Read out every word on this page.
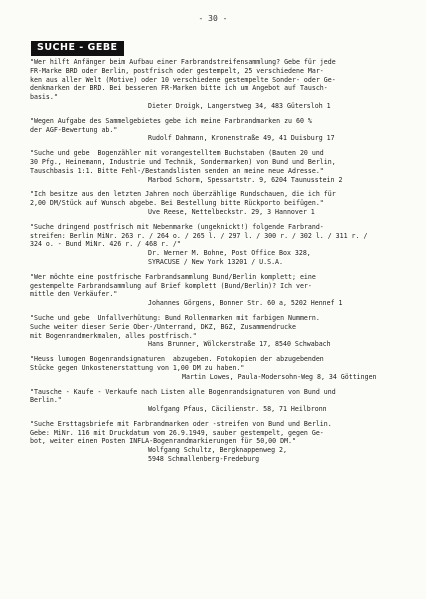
- 30 -
SUCHE - GEBE

"Wer hilft Anfänger beim Aufbau einer Farbrandstreifensammlung? Gebe für jede
FR-Marke BRD oder Berlin, postfrisch oder gestempelt, 25 verschiedene Mar-
ken aus aller Welt (Motive) oder 10 verschiedene gestempelte Sonder- oder Ge-
denkmarken der BRD. Bei besseren FR-Marken bitte ich um Angebot auf Tausch-
basis."

Dieter Droigk, Langerstweg 34, 483 Gütersloh 1

"Wegen Aufgabe des Sammelgebietes gebe ich meine Farbrandmarken zu 60 %
der AGF-Bewertung ab."

Rudolf Dahmann, Kronenstraße 49, 41 Duisburg 17

"Suche und gebe  Bogenzähler mit vorangestelltem Buchstaben (Bauten 20 und
30 Pfg., Heinemann, Industrie und Technik, Sondermarken) von Bund und Berlin,
Tauschbasis 1:1. Bitte Fehl-/Bestandslisten senden an meine neue Adresse."

Marbod Schorm, Spessartstr. 9, 6204 Taunusstein 2

"Ich besitze aus den letzten Jahren noch überzählige Rundschauen, die ich für
2,00 DM/Stück auf Wunsch abgebe. Bei Bestellung bitte Rückporto beifügen."

Uve Reese, Nettelbeckstr. 29, 3 Hannover 1

"Suche dringend postfrisch mit Nebenmarke (ungeknickt!) folgende Farbrand-
streifen: Berlin MiNr. 263 r. / 264 o. / 265 l. / 297 l. / 300 r. / 302 l. / 311 r. /
324 o. - Bund MiNr. 426 r. / 468 r. /"

Dr. Werner M. Bohne, Post Office Box 328,
SYRACUSE / New York 13201 / U.S.A.

"Wer möchte eine postfrische Farbrandsammlung Bund/Berlin komplett; eine
gestempelte Farbrandsammlung auf Brief komplett (Bund/Berlin)? Ich ver-
mittle den Verkäufer."

Johannes Görgens, Bonner Str. 60 a, 5202 Hennef 1

"Suche und gebe  Unfallverhütung: Bund Rollenmarken mit farbigen Nummern.
Suche weiter dieser Serie Ober-/Unterrand, DKZ, BGZ, Zusammendrucke
mit Bogenrandmerkmalen, alles postfrisch."

Hans Brunner, Wölckerstraße 17, 8540 Schwabach

"Heuss lumogen Bogenrandsignaturen  abzugeben. Fotokopien der abzugebenden
Stücke gegen Unkostenerstattung von 1,00 DM zu haben."

Martin Lowes, Paula-Modersohn-Weg 8, 34 Göttingen

"Tausche - Kaufe - Verkaufe nach Listen alle Bogenrandsignaturen von Bund und
Berlin."

Wolfgang Pfaus, Cäcilienstr. 58, 71 Heilbronn

"Suche Ersttagsbriefe mit Farbrandmarken oder -streifen von Bund und Berlin.
Gebe: MiNr. 116 mit Druckdatum vom 26.9.1949, sauber gestempelt, gegen Ge-
bot, weiter einen Posten INFLA-Bogenrandmarkierungen für 50,00 DM."

Wolfgang Schultz, Bergknappenweg 2,
5948 Schmallenberg-Fredeburg
